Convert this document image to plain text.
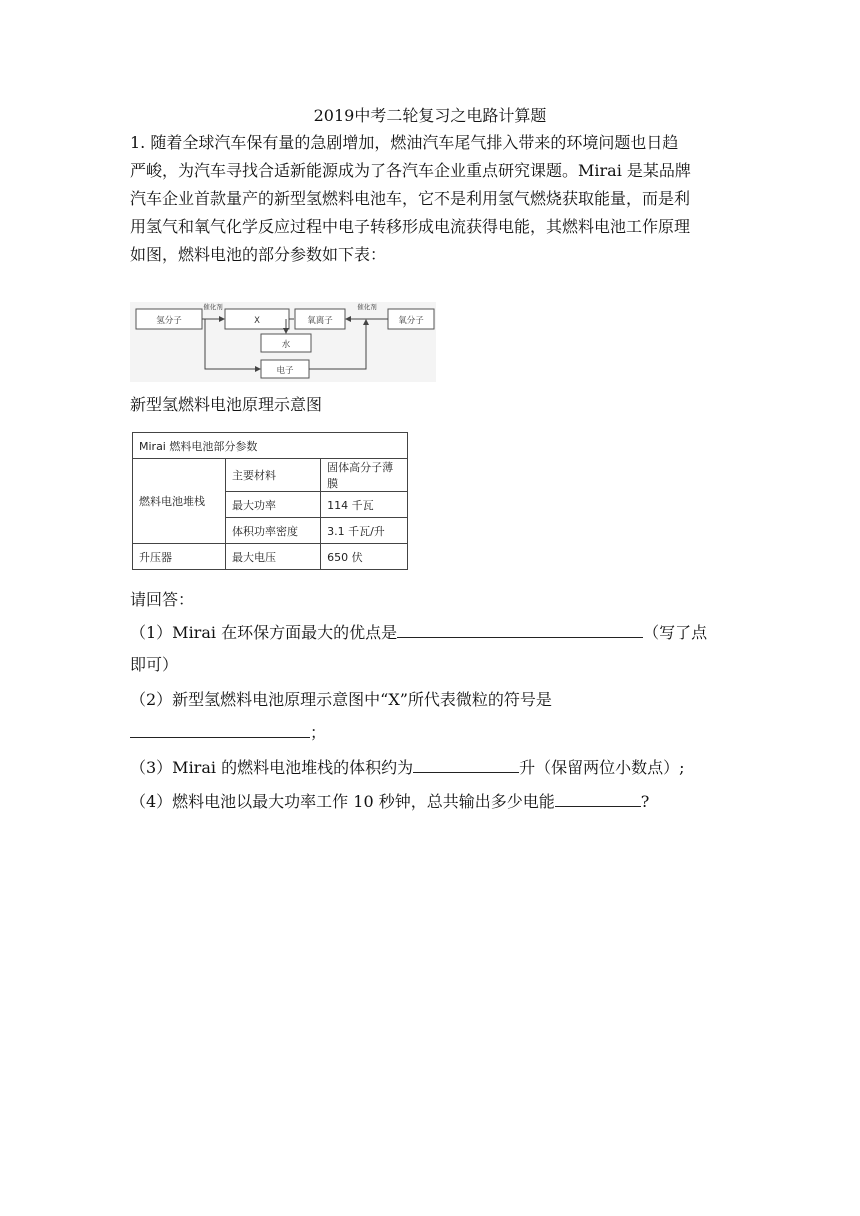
2019中考二轮复习之电路计算题
1. 随着全球汽车保有量的急剧增加，燃油汽车尾气排入带来的环境问题也日趋
严峻，为汽车寻找合适新能源成为了各汽车企业重点研究课题。Mirai 是某品牌
汽车企业首款量产的新型氢燃料电池车，它不是利用氢气燃烧获取能量，而是利
用氢气和氧气化学反应过程中电子转移形成电流获得电能，其燃料电池工作原理
如图，燃料电池的部分参数如下表：
氢分子
催化剂
X	氧离子
催化剂
氧分子
水
电子
新型氢燃料电池原理示意图
Mirai 燃料电池部分参数		
燃料电池堆栈	主要材料	固体高分子薄膜
	最大功率	114 千瓦
	体积功率密度	3.1 千瓦/升
升压器	最大电压	650 伏
请回答：
（1）Mirai 在环保方面最大的优点是	（写了点
即可）
（2）新型氢燃料电池原理示意图中“X”所代表微粒的符号是
；
（3）Mirai 的燃料电池堆栈的体积约为	升（保留两位小数点）;
（4）燃料电池以最大功率工作 10 秒钟，总共输出多少电能	?
